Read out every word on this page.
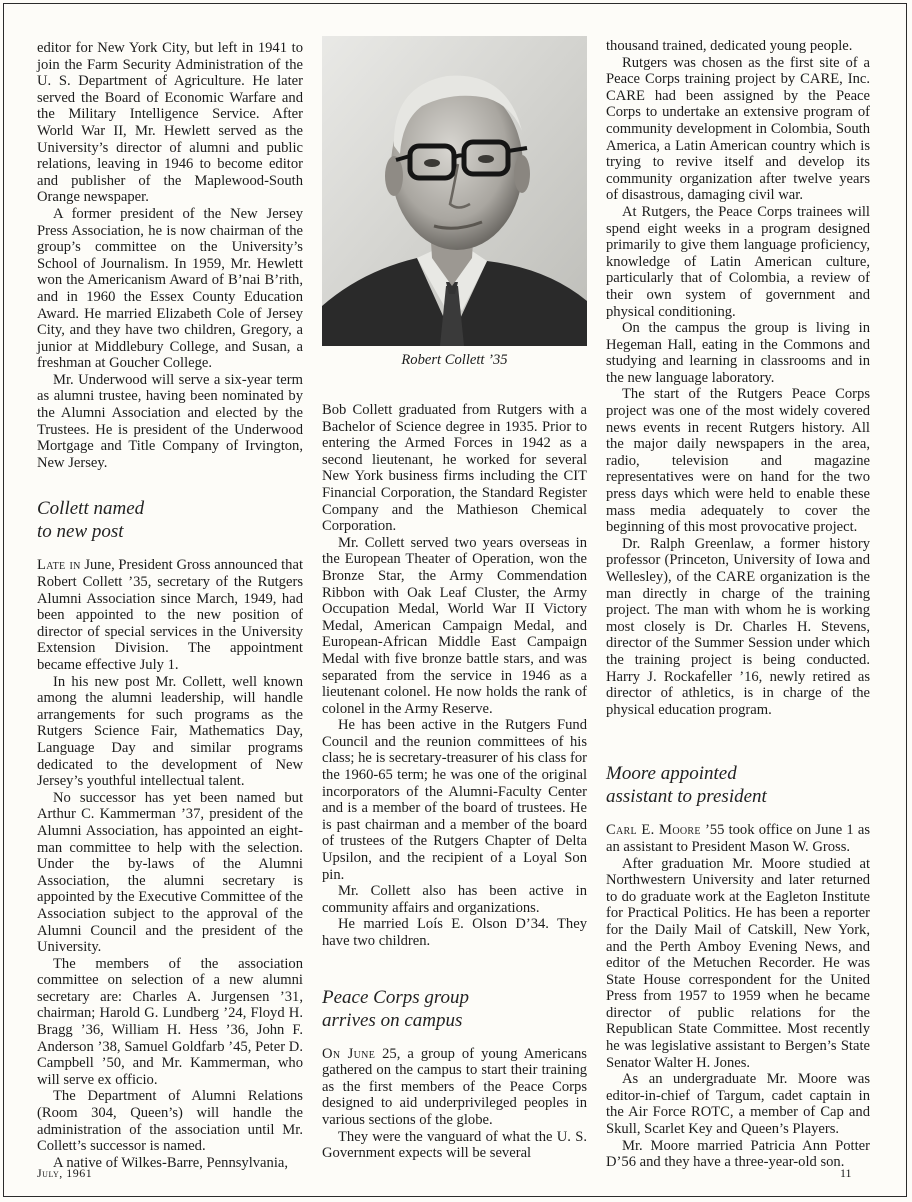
editor for New York City, but left in 1941 to join the Farm Security Administration of the U. S. Department of Agriculture. He later served the Board of Economic Warfare and the Military Intelligence Service. After World War II, Mr. Hewlett served as the University’s director of alumni and public relations, leaving in 1946 to become editor and publisher of the Maplewood-South Orange newspaper.

A former president of the New Jersey Press Association, he is now chairman of the group’s committee on the University’s School of Journalism. In 1959, Mr. Hewlett won the Americanism Award of B’nai B’rith, and in 1960 the Essex County Education Award. He married Elizabeth Cole of Jersey City, and they have two children, Gregory, a junior at Middlebury College, and Susan, a freshman at Goucher College.

Mr. Underwood will serve a six-year term as alumni trustee, having been nominated by the Alumni Association and elected by the Trustees. He is president of the Underwood Mortgage and Title Company of Irvington, New Jersey.

Collett named
to new post

Late in June, President Gross announced that Robert Collett ’35, secretary of the Rutgers Alumni Association since March, 1949, had been appointed to the new position of director of special services in the University Extension Division. The appointment became effective July 1.

In his new post Mr. Collett, well known among the alumni leadership, will handle arrangements for such programs as the Rutgers Science Fair, Mathematics Day, Language Day and similar programs dedicated to the development of New Jersey’s youthful intellectual talent.

No successor has yet been named but Arthur C. Kammerman ’37, president of the Alumni Association, has appointed an eight-man committee to help with the selection. Under the by-laws of the Alumni Association, the alumni secretary is appointed by the Executive Committee of the Association subject to the approval of the Alumni Council and the president of the University.

The members of the association committee on selection of a new alumni secretary are: Charles A. Jurgensen ’31, chairman; Harold G. Lundberg ’24, Floyd H. Bragg ’36, William H. Hess ’36, John F. Anderson ’38, Samuel Goldfarb ’45, Peter D. Campbell ’50, and Mr. Kammerman, who will serve ex officio.

The Department of Alumni Relations (Room 304, Queen’s) will handle the administration of the association until Mr. Collett’s successor is named.

A native of Wilkes-Barre, Pennsylvania,

Robert Collett ’35

Bob Collett graduated from Rutgers with a Bachelor of Science degree in 1935. Prior to entering the Armed Forces in 1942 as a second lieutenant, he worked for several New York business firms including the CIT Financial Corporation, the Standard Register Company and the Mathieson Chemical Corporation.

Mr. Collett served two years overseas in the European Theater of Operation, won the Bronze Star, the Army Commendation Ribbon with Oak Leaf Cluster, the Army Occupation Medal, World War II Victory Medal, American Campaign Medal, and European-African Middle East Campaign Medal with five bronze battle stars, and was separated from the service in 1946 as a lieutenant colonel. He now holds the rank of colonel in the Army Reserve.

He has been active in the Rutgers Fund Council and the reunion committees of his class; he is secretary-treasurer of his class for the 1960-65 term; he was one of the original incorporators of the Alumni-Faculty Center and is a member of the board of trustees. He is past chairman and a member of the board of trustees of the Rutgers Chapter of Delta Upsilon, and the recipient of a Loyal Son pin.

Mr. Collett also has been active in community affairs and organizations.

He married Loís E. Olson D’34. They have two children.

Peace Corps group
arrives on campus

On June 25, a group of young Americans gathered on the campus to start their training as the first members of the Peace Corps designed to aid underprivileged peoples in various sections of the globe.

They were the vanguard of what the U. S. Government expects will be several

thousand trained, dedicated young people.

Rutgers was chosen as the first site of a Peace Corps training project by CARE, Inc. CARE had been assigned by the Peace Corps to undertake an extensive program of community development in Colombia, South America, a Latin American country which is trying to revive itself and develop its community organization after twelve years of disastrous, damaging civil war.

At Rutgers, the Peace Corps trainees will spend eight weeks in a program designed primarily to give them language proficiency, knowledge of Latin American culture, particularly that of Colombia, a review of their own system of government and physical conditioning.

On the campus the group is living in Hegeman Hall, eating in the Commons and studying and learning in classrooms and in the new language laboratory.

The start of the Rutgers Peace Corps project was one of the most widely covered news events in recent Rutgers history. All the major daily newspapers in the area, radio, television and magazine representatives were on hand for the two press days which were held to enable these mass media adequately to cover the beginning of this most provocative project.

Dr. Ralph Greenlaw, a former history professor (Princeton, University of Iowa and Wellesley), of the CARE organization is the man directly in charge of the training project. The man with whom he is working most closely is Dr. Charles H. Stevens, director of the Summer Session under which the training project is being conducted. Harry J. Rockafeller ’16, newly retired as director of athletics, is in charge of the physical education program.

Moore appointed
assistant to president

Carl E. Moore ’55 took office on June 1 as an assistant to President Mason W. Gross.

After graduation Mr. Moore studied at Northwestern University and later returned to do graduate work at the Eagleton Institute for Practical Politics. He has been a reporter for the Daily Mail of Catskill, New York, and the Perth Amboy Evening News, and editor of the Metuchen Recorder. He was State House correspondent for the United Press from 1957 to 1959 when he became director of public relations for the Republican State Committee. Most recently he was legislative assistant to Bergen’s State Senator Walter H. Jones.

As an undergraduate Mr. Moore was editor-in-chief of Targum, cadet captain in the Air Force ROTC, a member of Cap and Skull, Scarlet Key and Queen’s Players.

Mr. Moore married Patricia Ann Potter D’56 and they have a three-year-old son.

July, 1961	11
